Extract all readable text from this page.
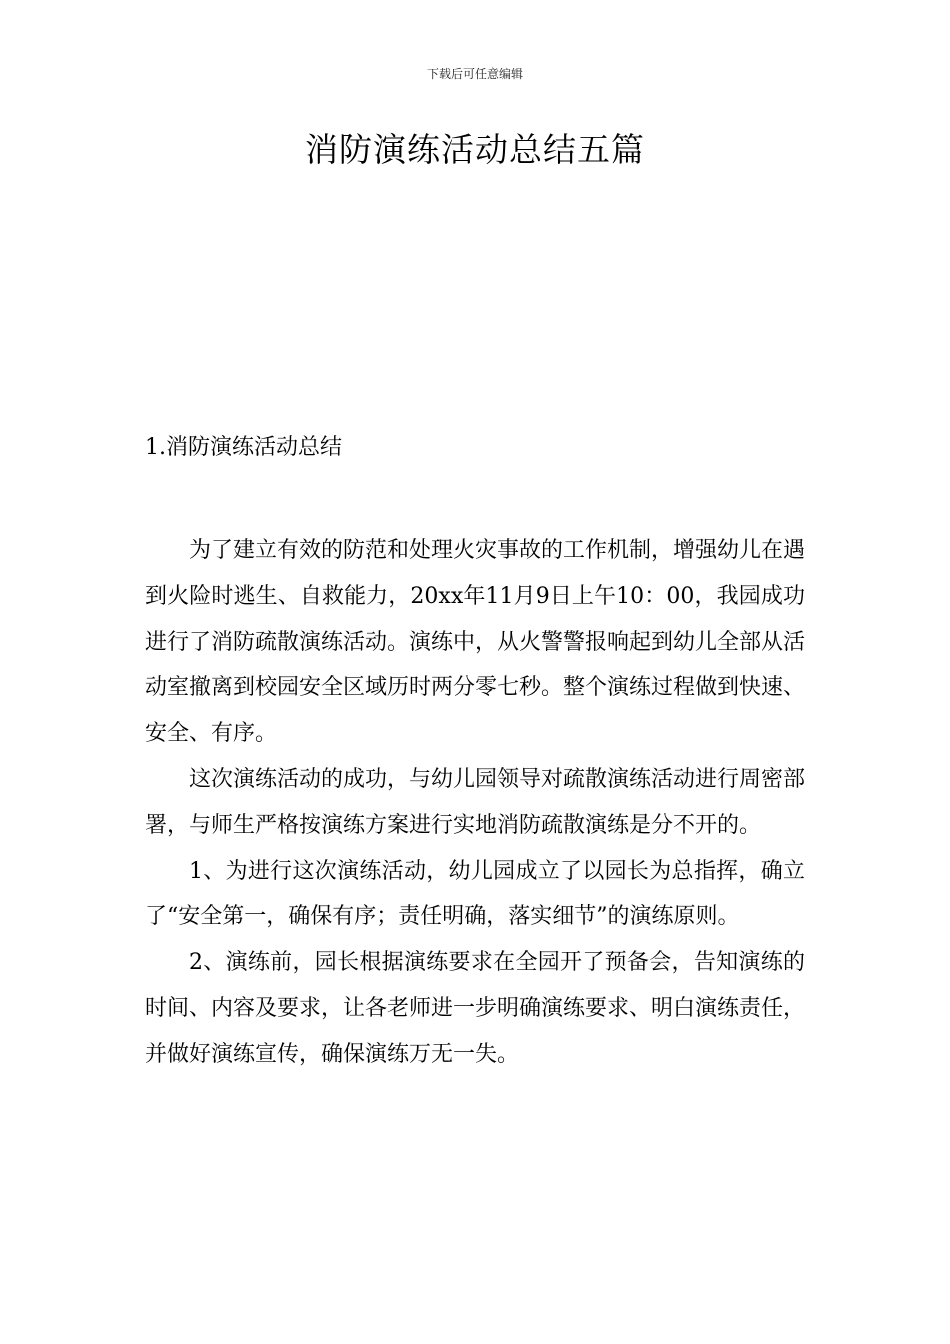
下载后可任意编辑
消防演练活动总结五篇
1.消防演练活动总结

为了建立有效的防范和处理火灾事故的工作机制，增强幼儿在遇到火险时逃生、自救能力，20xx年11月9日上午10：00，我园成功进行了消防疏散演练活动。演练中，从火警警报响起到幼儿全部从活动室撤离到校园安全区域历时两分零七秒。整个演练过程做到快速、安全、有序。

这次演练活动的成功，与幼儿园领导对疏散演练活动进行周密部署，与师生严格按演练方案进行实地消防疏散演练是分不开的。

1、为进行这次演练活动，幼儿园成立了以园长为总指挥，确立了“安全第一，确保有序；责任明确，落实细节”的演练原则。

2、演练前，园长根据演练要求在全园开了预备会，告知演练的时间、内容及要求，让各老师进一步明确演练要求、明白演练责任，并做好演练宣传，确保演练万无一失。
